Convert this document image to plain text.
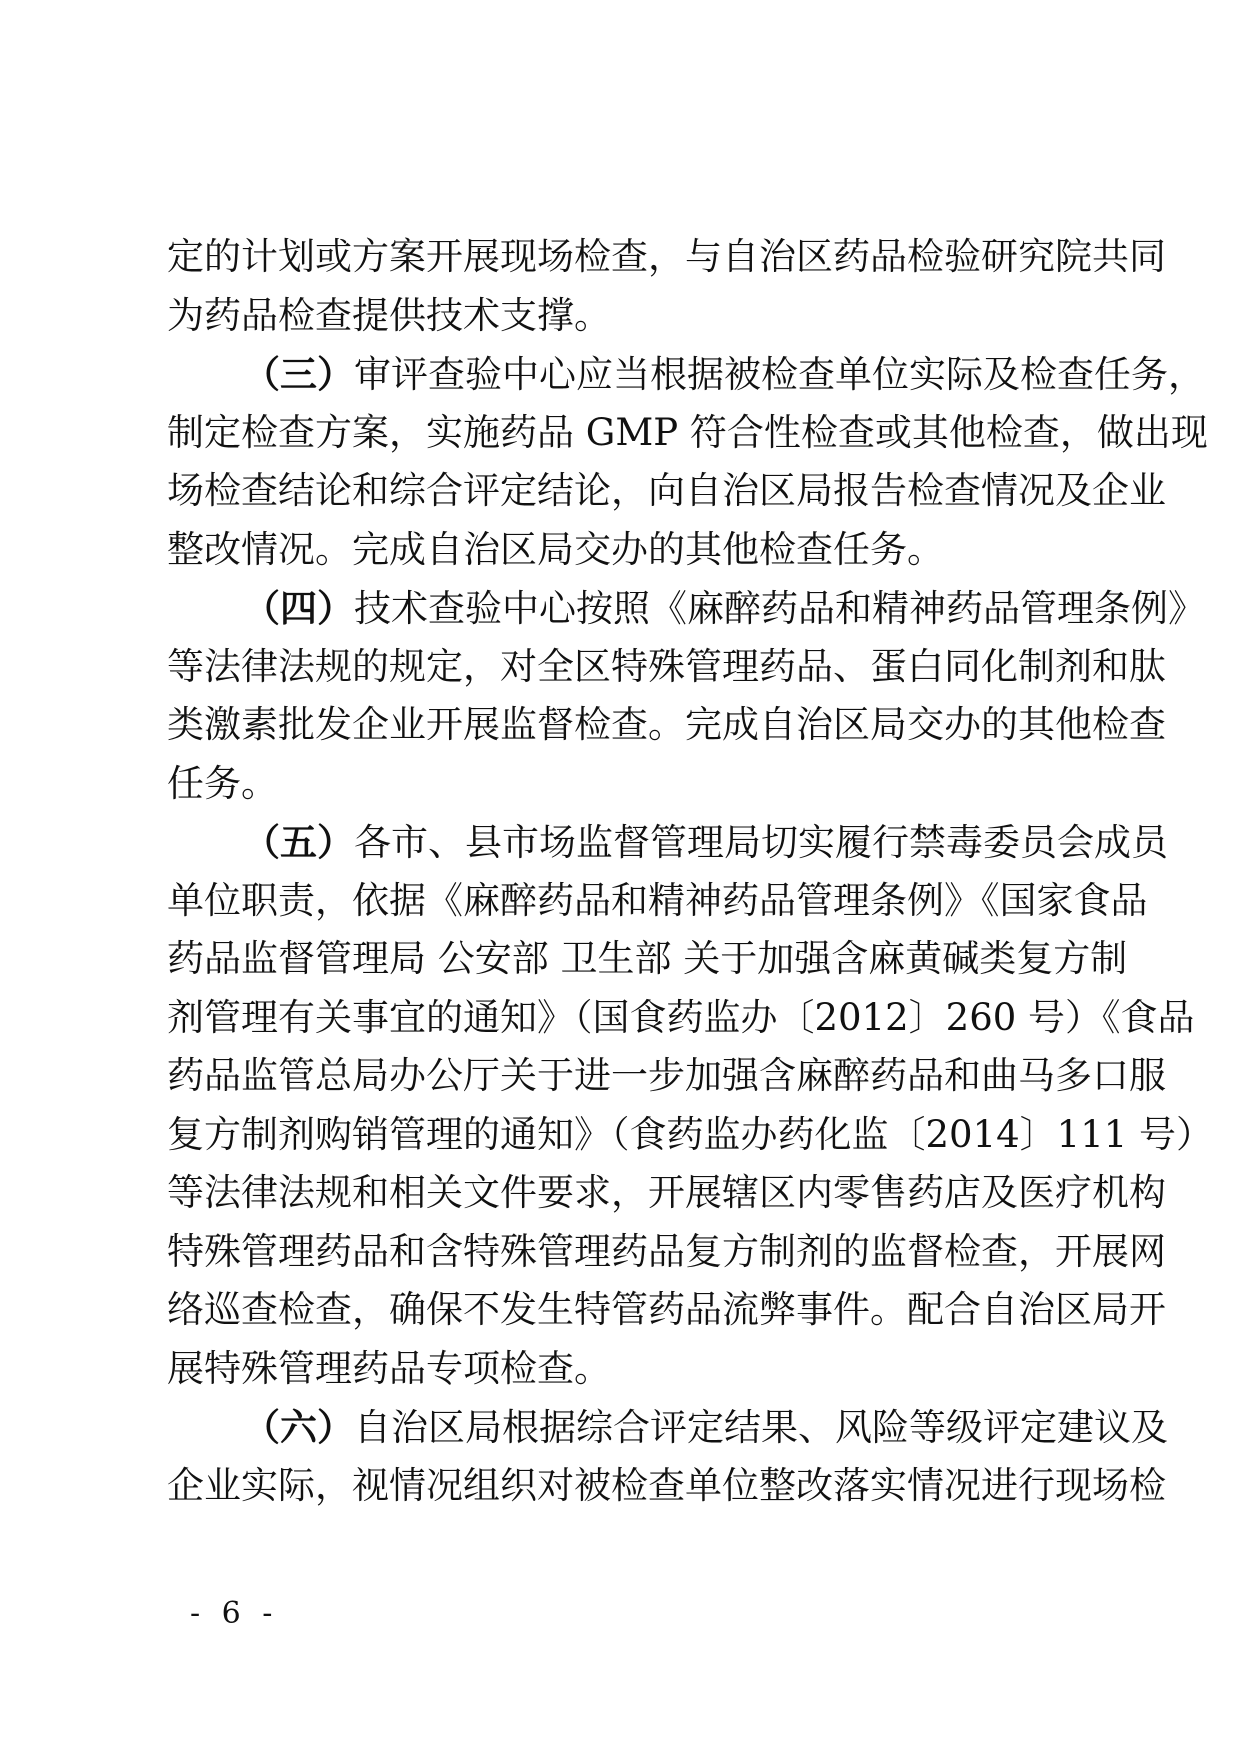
定的计划或方案开展现场检查，与自治区药品检验研究院共同
为药品检查提供技术支撑。
（三）审评查验中心应当根据被检查单位实际及检查任务，
制定检查方案，实施药品 GMP 符合性检查或其他检查，做出现
场检查结论和综合评定结论，向自治区局报告检查情况及企业
整改情况。完成自治区局交办的其他检查任务。
（四）技术查验中心按照《麻醉药品和精神药品管理条例》
等法律法规的规定，对全区特殊管理药品、蛋白同化制剂和肽
类激素批发企业开展监督检查。完成自治区局交办的其他检查
任务。
（五）各市、县市场监督管理局切实履行禁毒委员会成员
单位职责，依据《麻醉药品和精神药品管理条例》《国家食品
药品监督管理局 公安部 卫生部 关于加强含麻黄碱类复方制
剂管理有关事宜的通知》（国食药监办〔2012〕260 号）《食品
药品监管总局办公厅关于进一步加强含麻醉药品和曲马多口服
复方制剂购销管理的通知》（食药监办药化监〔2014〕111 号）
等法律法规和相关文件要求，开展辖区内零售药店及医疗机构
特殊管理药品和含特殊管理药品复方制剂的监督检查，开展网
络巡查检查，确保不发生特管药品流弊事件。配合自治区局开
展特殊管理药品专项检查。
（六）自治区局根据综合评定结果、风险等级评定建议及
企业实际，视情况组织对被检查单位整改落实情况进行现场检
- 6 -
